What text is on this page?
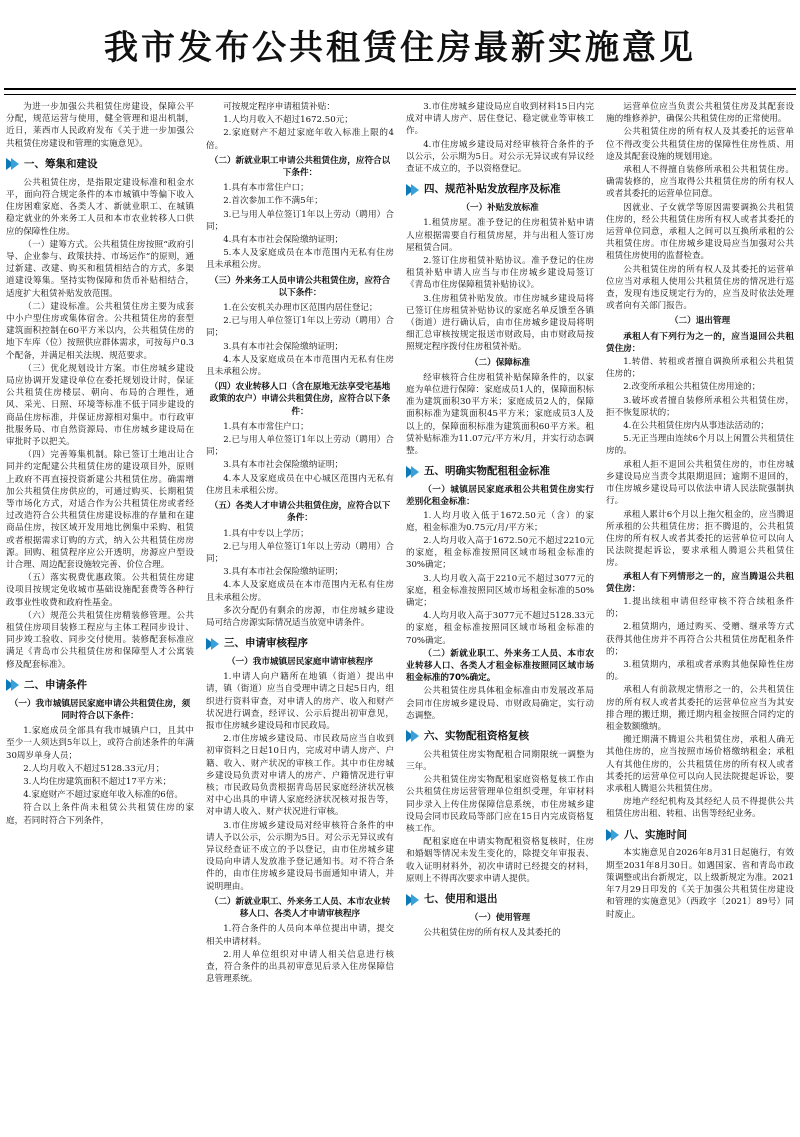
我市发布公共租赁住房最新实施意见

为进一步加强公共租赁住房建设，保障公平分配，规范运营与使用，健全管理和退出机制，近日，莱西市人民政府发布《关于进一步加强公共租赁住房建设和管理的实施意见》。

一、筹集和建设

公共租赁住房，是指限定建设标准和租金水平，面向符合规定条件的本市城镇中等偏下收入住房困难家庭、各类人才、新就业职工、在城镇稳定就业的外来务工人员和本市农业转移人口供应的保障性住房。

（一）建筹方式。公共租赁住房按照“政府引导、企业参与、政策扶持、市场运作”的原则，通过新建、改建、购买和租赁相结合的方式，多渠道建设筹集。坚持实物保障和货币补贴相结合，适度扩大租赁补贴发放范围。

（二）建设标准。公共租赁住房主要为成套中小户型住房或集体宿舍。公共租赁住房的套型建筑面积控制在60平方米以内，公共租赁住房的地下车库（位）按照供应群体需求，可按每户0.3个配备，并满足相关法规、规范要求。

（三）优化规划设计方案。市住房城乡建设局应协调开发建设单位在委托规划设计时，保证公共租赁住房楼层、朝向、布局的合理性，通风、采光、日照、环境等标准不低于同步建设的商品住房标准，并保证房源相对集中。市行政审批服务局、市自然资源局、市住房城乡建设局在审批时予以把关。

（四）完善筹集机制。除已签订土地出让合同并约定配建公共租赁住房的建设项目外，原则上政府不再直接投资新建公共租赁住房。确需增加公共租赁住房供应的，可通过购买、长期租赁等市场化方式，对适合作为公共租赁住房或者经过改造符合公共租赁住房建设标准的存量和在建商品住房，按区域开发用地比例集中采购、租赁或者根据需求订购的方式，纳入公共租赁住房房源。回购、租赁程序应公开透明，房源应户型设计合理、周边配套设施较完善、价位合理。

（五）落实税费优惠政策。公共租赁住房建设项目按规定免收城市基础设施配套费等各种行政事业性收费和政府性基金。

（六）规范公共租赁住房精装修管理。公共租赁住房项目装修工程应与主体工程同步设计、同步竣工验收、同步交付使用。装修配套标准应满足《青岛市公共租赁住房和保障型人才公寓装修及配套标准》。

二、申请条件
（一）我市城镇居民家庭申请公共租赁住房，须同时符合以下条件：

1.家庭成员全部具有我市城镇户口，且其中至少一人须达到5年以上，或符合前述条件的年满30周岁单身人员；

2.人均月收入不超过5128.33元/月；

3.人均住房建筑面积不超过17平方米；

4.家庭财产不超过家庭年收入标准的6倍。

符合以上条件尚未租赁公共租赁住房的家庭，若同时符合下列条件，

可按规定程序申请租赁补贴：

1.人均月收入不超过1672.50元；

2.家庭财产不超过家庭年收入标准上限的4倍。

（二）新就业职工申请公共租赁住房，应符合以下条件：

1.具有本市常住户口；

2.首次参加工作不满5年；

3.已与用人单位签订1年以上劳动（聘用）合同；

4.具有本市社会保险缴纳证明；

5.本人及家庭成员在本市范围内无私有住房且未承租公房。

（三）外来务工人员申请公共租赁住房，应符合以下条件：

1.在公安机关办理市区范围内居住登记；

2.已与用人单位签订1年以上劳动（聘用）合同；

3.具有本市社会保险缴纳证明；

4.本人及家庭成员在本市范围内无私有住房且未承租公房。

（四）农业转移人口（含在原地无法享受宅基地政策的农户）申请公共租赁住房，应符合以下条件：

1.具有本市常住户口；

2.已与用人单位签订1年以上劳动（聘用）合同；

3.具有本市社会保险缴纳证明；

4.本人及家庭成员在中心城区范围内无私有住房且未承租公房。

（五）各类人才申请公共租赁住房，应符合以下条件：

1.具有中专以上学历；

2.已与用人单位签订1年以上劳动（聘用）合同；

3.具有本市社会保险缴纳证明；

4.本人及家庭成员在本市范围内无私有住房且未承租公房。

多次分配仍有剩余的房源，市住房城乡建设局可结合房源实际情况适当放宽申请条件。

三、申请审核程序
（一）我市城镇居民家庭申请审核程序

1.申请人向户籍所在地镇（街道）提出申请，镇（街道）应当自受理申请之日起5日内，组织进行资料审查，对申请人的房产、收入和财产状况进行调查，经评议、公示后提出初审意见，报市住房城乡建设局和市民政局。

2.市住房城乡建设局、市民政局应当自收到初审资料之日起10日内，完成对申请人房产、户籍、收入、财产状况的审核工作。其中市住房城乡建设局负责对申请人的房产、户籍情况进行审核；市民政局负责根据青岛居民家庭经济状况核对中心出具的申请人家庭经济状况核对报告等，对申请人收入、财产状况进行审核。

3.市住房城乡建设局对经审核符合条件的申请人予以公示，公示期为5日。对公示无异议或有异议经查证不成立的予以登记，由市住房城乡建设局向申请人发放准予登记通知书。对不符合条件的，由市住房城乡建设局书面通知申请人，并说明理由。

（二）新就业职工、外来务工人员、本市农业转移人口、各类人才申请审核程序

1.符合条件的人员向本单位提出申请，提交相关申请材料。

2.用人单位组织对申请人相关信息进行核查，符合条件的出具初审意见后录入住房保障信息管理系统。

3.市住房城乡建设局应自收到材料15日内完成对申请人房产、居住登记、稳定就业等审核工作。

4.市住房城乡建设局对经审核符合条件的予以公示，公示期为5日。对公示无异议或有异议经查证不成立的，予以资格登记。

四、规范补贴发放程序及标准
（一）补贴发放标准

1.租赁房屋。准予登记的住房租赁补贴申请人应根据需要自行租赁房屋，并与出租人签订房屋租赁合同。

2.签订住房租赁补贴协议。准予登记的住房租赁补贴申请人应当与市住房城乡建设局签订《青岛市住房保障租赁补贴协议》。

3.住房租赁补贴发放。市住房城乡建设局将已签订住房租赁补贴协议的家庭名单反馈至各镇（街道）进行确认后，由市住房城乡建设局将明细汇总审核按规定报送市财政局，由市财政局按照规定程序拨付住房租赁补贴。

（二）保障标准

经审核符合住房租赁补贴保障条件的，以家庭为单位进行保障：家庭成员1人的，保障面积标准为建筑面积30平方米；家庭成员2人的，保障面积标准为建筑面积45平方米；家庭成员3人及以上的，保障面积标准为建筑面积60平方米。租赁补贴标准为11.07元/平方米/月，并实行动态调整。

五、明确实物配租租金标准

（一）城镇居民家庭承租公共租赁住房实行差别化租金标准：

1.人均月收入低于1672.50元（含）的家庭，租金标准为0.75元/月/平方米；

2.人均月收入高于1672.50元不超过2210元的家庭，租金标准按照同区域市场租金标准的30%确定；

3.人均月收入高于2210元不超过3077元的家庭，租金标准按照同区域市场租金标准的50%确定；

4.人均月收入高于3077元不超过5128.33元的家庭，租金标准按照同区域市场租金标准的70%确定。

（二）新就业职工、外来务工人员、本市农业转移人口、各类人才租金标准按照同区域市场租金标准的70%确定。

公共租赁住房具体租金标准由市发展改革局会同市住房城乡建设局、市财政局确定，实行动态调整。

六、实物配租资格复核

公共租赁住房实物配租合同期限统一调整为三年。

公共租赁住房实物配租家庭资格复核工作由公共租赁住房运营管理单位组织受理，年审材料同步录入上传住房保障信息系统，市住房城乡建设局会同市民政局等部门应在15日内完成资格复核工作。

配租家庭在申请实物配租资格复核时，住房和婚姻等情况未发生变化的，除提交年审报表、收入证明材料外，初次申请时已经提交的材料，原则上不得再次要求申请人提供。

七、使用和退出
（一）使用管理

公共租赁住房的所有权人及其委托的

运营单位应当负责公共租赁住房及其配套设施的维修养护，确保公共租赁住房的正常使用。

公共租赁住房的所有权人及其委托的运营单位不得改变公共租赁住房的保障性住房性质、用途及其配套设施的规划用途。

承租人不得擅自装修所承租公共租赁住房。确需装修的，应当取得公共租赁住房的所有权人或者其委托的运营单位同意。

因就业、子女就学等原因需要调换公共租赁住房的，经公共租赁住房所有权人或者其委托的运营单位同意，承租人之间可以互换所承租的公共租赁住房。市住房城乡建设局应当加强对公共租赁住房使用的监督检查。

公共租赁住房的所有权人及其委托的运营单位应当对承租人使用公共租赁住房的情况进行巡查，发现有违反规定行为的，应当及时依法处理或者向有关部门报告。

（二）退出管理

承租人有下列行为之一的，应当退回公共租赁住房：

1.转借、转租或者擅自调换所承租公共租赁住房的；

2.改变所承租公共租赁住房用途的；

3.破坏或者擅自装修所承租公共租赁住房，拒不恢复原状的；

4.在公共租赁住房内从事违法活动的；

5.无正当理由连续6个月以上闲置公共租赁住房的。

承租人拒不退回公共租赁住房的，市住房城乡建设局应当责令其限期退回；逾期不退回的，市住房城乡建设局可以依法申请人民法院强制执行。

承租人累计6个月以上拖欠租金的，应当腾退所承租的公共租赁住房；拒不腾退的，公共租赁住房的所有权人或者其委托的运营单位可以向人民法院提起诉讼，要求承租人腾退公共租赁住房。

承租人有下列情形之一的，应当腾退公共租赁住房：

1.提出续租申请但经审核不符合续租条件的；

2.租赁期内，通过购买、受赠、继承等方式获得其他住房并不再符合公共租赁住房配租条件的；

3.租赁期内，承租或者承购其他保障性住房的。

承租人有前款规定情形之一的，公共租赁住房的所有权人或者其委托的运营单位应当为其安排合理的搬迁期，搬迁期内租金按照合同约定的租金数额缴纳。

搬迁期满不腾退公共租赁住房，承租人确无其他住房的，应当按照市场价格缴纳租金；承租人有其他住房的，公共租赁住房的所有权人或者其委托的运营单位可以向人民法院提起诉讼，要求承租人腾退公共租赁住房。

房地产经纪机构及其经纪人员不得提供公共租赁住房出租、转租、出售等经纪业务。

八、实施时间

本实施意见自2026年8月31日起施行，有效期至2031年8月30日。如遇国家、省和青岛市政策调整或出台新规定，以上级新规定为准。2021年7月29日印发的《关于加强公共租赁住房建设和管理的实施意见》（西政字〔2021〕89号）同时废止。
